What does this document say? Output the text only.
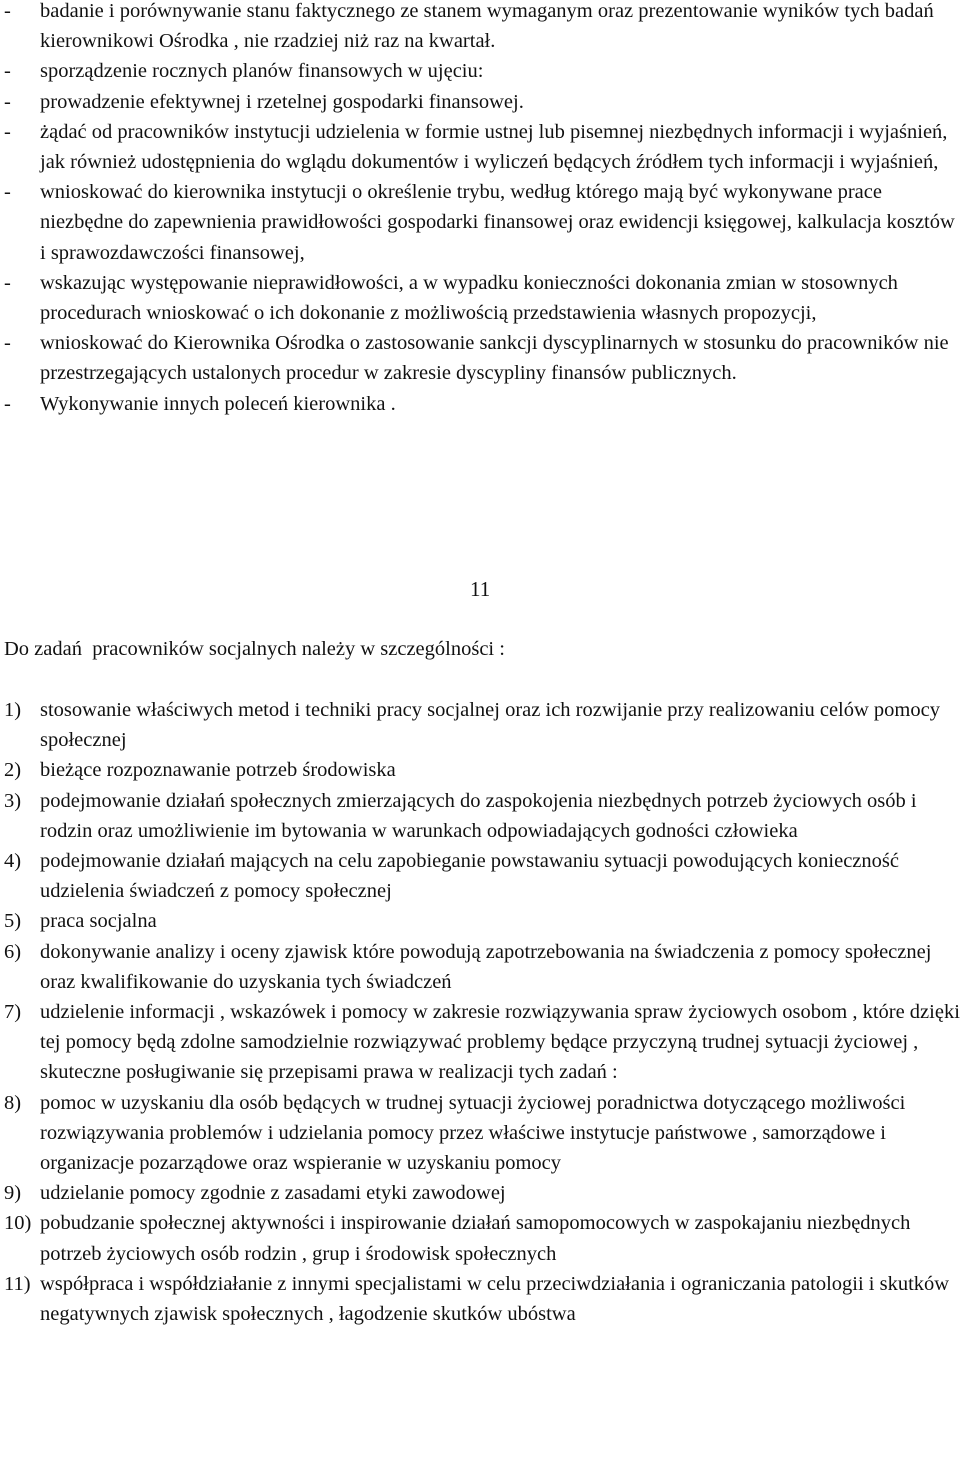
-	badanie i porównywanie stanu faktycznego ze stanem wymaganym oraz prezentowanie wyników tych badań kierownikowi Ośrodka , nie rzadziej niż raz na kwartał.
-	sporządzenie rocznych planów finansowych w ujęciu:
-	prowadzenie efektywnej i rzetelnej gospodarki finansowej.
-	żądać od pracowników instytucji udzielenia w formie ustnej lub pisemnej niezbędnych informacji i wyjaśnień, jak również udostępnienia do wglądu dokumentów i wyliczeń będących źródłem tych informacji i wyjaśnień,
-	wnioskować do kierownika instytucji o określenie trybu, według którego mają być wykonywane prace niezbędne do zapewnienia prawidłowości gospodarki finansowej oraz ewidencji księgowej, kalkulacja kosztów i sprawozdawczości finansowej,
-	wskazując występowanie nieprawidłowości, a w wypadku konieczności dokonania zmian w stosownych procedurach wnioskować o ich dokonanie z możliwością przedstawienia własnych propozycji,
-	wnioskować do Kierownika Ośrodka o zastosowanie sankcji dyscyplinarnych w stosunku do pracowników nie przestrzegających ustalonych procedur w zakresie dyscypliny finansów publicznych.
-	Wykonywanie innych poleceń kierownika .
11
Do zadań  pracowników socjalnych należy w szczególności :
1) stosowanie właściwych metod i techniki pracy socjalnej oraz ich rozwijanie przy realizowaniu celów pomocy społecznej
2) bieżące rozpoznawanie potrzeb środowiska
3) podejmowanie działań społecznych zmierzających do zaspokojenia niezbędnych potrzeb życiowych osób i rodzin oraz umożliwienie im bytowania w warunkach odpowiadających godności człowieka
4) podejmowanie działań mających na celu zapobieganie powstawaniu sytuacji powodujących konieczność udzielenia świadczeń z pomocy społecznej
5) praca socjalna
6) dokonywanie analizy i oceny zjawisk które powodują zapotrzebowania na świadczenia z pomocy społecznej oraz kwalifikowanie do uzyskania tych świadczeń
7) udzielenie informacji , wskazówek i pomocy w zakresie rozwiązywania spraw życiowych osobom , które dzięki tej pomocy będą zdolne samodzielnie rozwiązywać problemy będące przyczyną trudnej sytuacji życiowej , skuteczne posługiwanie się przepisami prawa w realizacji tych zadań :
8) pomoc w uzyskaniu dla osób będących w trudnej sytuacji życiowej poradnictwa dotyczącego możliwości rozwiązywania problemów i udzielania pomocy przez właściwe instytucje państwowe , samorządowe i organizacje pozarządowe oraz wspieranie w uzyskaniu pomocy
9) udzielanie pomocy zgodnie z zasadami etyki zawodowej
10) pobudzanie społecznej aktywności i inspirowanie działań samopomocowych w zaspokajaniu niezbędnych potrzeb życiowych osób rodzin , grup i środowisk społecznych
11) współpraca i współdziałanie z innymi specjalistami w celu przeciwdziałania i ograniczania patologii i skutków negatywnych zjawisk społecznych , łagodzenie skutków ubóstwa
